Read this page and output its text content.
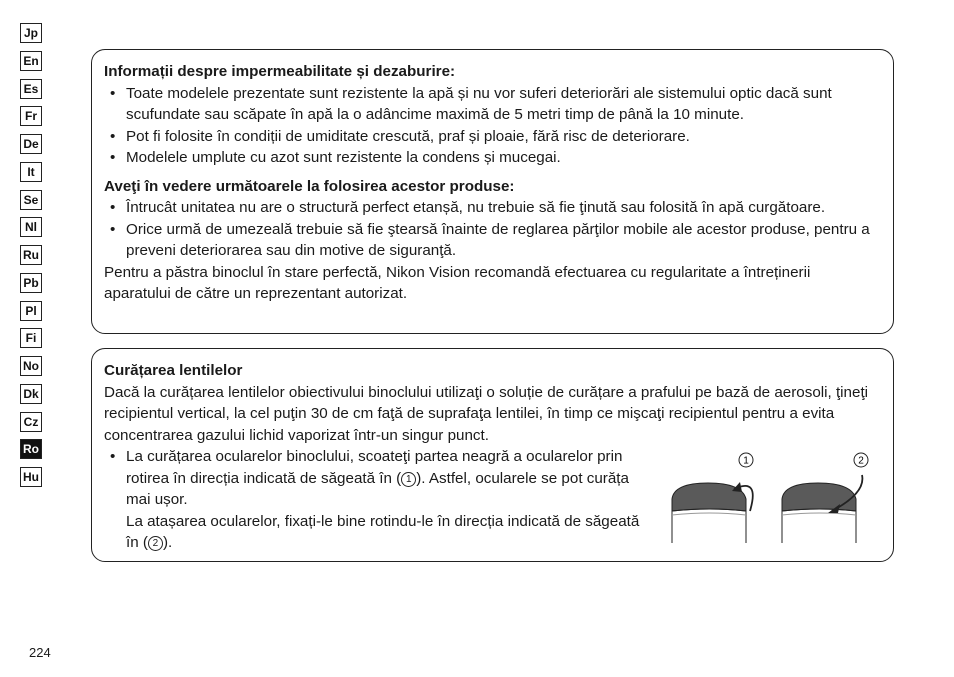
Jp
En
Es
Fr
De
It
Se
Nl
Ru
Pb
Pl
Fi
No
Dk
Cz
Ro
Hu
Informații despre impermeabilitate și dezaburire:
• Toate modelele prezentate sunt rezistente la apă și nu vor suferi deteriorări ale sistemului optic dacă sunt scufundate sau scăpate în apă la o adâncime maximă de 5 metri timp de până la 10 minute.
• Pot fi folosite în condiții de umiditate crescută, praf și ploaie, fără risc de deteriorare.
• Modelele umplute cu azot sunt rezistente la condens și mucegai.
Aveţi în vedere următoarele la folosirea acestor produse:
• Întrucât unitatea nu are o structură perfect etanșă, nu trebuie să fie ţinută sau folosită în apă curgătoare.
• Orice urmă de umezeală trebuie să fie ştearsă înainte de reglarea părţilor mobile ale acestor produse, pentru a preveni deteriorarea sau din motive de siguranţă.

Pentru a păstra binoclul în stare perfectă, Nikon Vision recomandă efectuarea cu regularitate a întreținerii aparatului de către un reprezentant autorizat.

Curățarea lentilelor

Dacă la curățarea lentilelor obiectivului binoclului utilizaţi o soluție de curățare a prafului pe bază de aerosoli, ţineţi recipientul vertical, la cel puţin 30 de cm faţă de suprafaţa lentilei, în timp ce mişcaţi recipientul pentru a evita concentrarea gazului lichid vaporizat într-un singur punct.

• La curățarea ocularelor binoclului, scoateţi partea neagră a ocularelor prin rotirea în direcția indicată de săgeată în ( 1 ). Astfel, ocularele se pot curăța mai ușor.
La atașarea ocularelor, fixați-le bine rotindu-le în direcția indicată de săgeată în ( 2 ).
1	2
224
